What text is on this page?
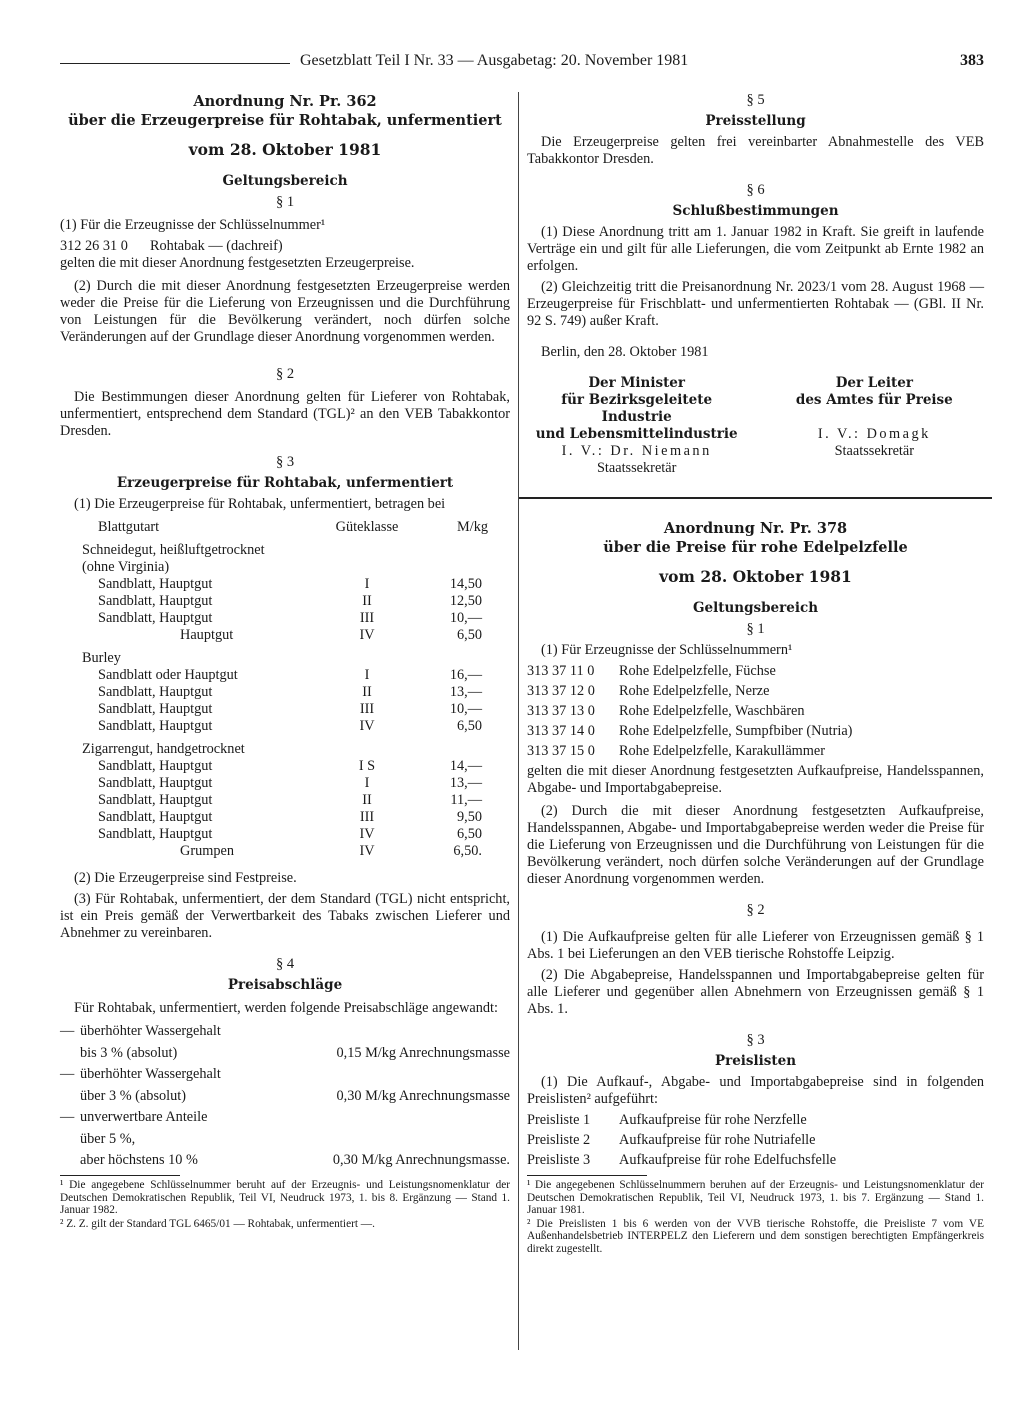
Gesetzblatt Teil I Nr. 33 — Ausgabetag: 20. November 1981	383
Anordnung Nr. Pr. 362
über die Erzeugerpreise für Rohtabak, unfermentiert
vom 28. Oktober 1981
Geltungsbereich

§ 1

(1) Für die Erzeugnisse der Schlüsselnummer¹

312 26 31 0	Rohtabak — (dachreif)

gelten die mit dieser Anordnung festgesetzten Erzeugerpreise.

(2) Durch die mit dieser Anordnung festgesetzten Erzeugerpreise werden weder die Preise für die Lieferung von Erzeugnissen und die Durchführung von Leistungen für die Bevölkerung verändert, noch dürfen solche Veränderungen auf der Grundlage dieser Anordnung vorgenommen werden.

§ 2

Die Bestimmungen dieser Anordnung gelten für Lieferer von Rohtabak, unfermentiert, entsprechend dem Standard (TGL)² an den VEB Tabakkontor Dresden.

§ 3

Erzeugerpreise für Rohtabak, unfermentiert

(1) Die Erzeugerpreise für Rohtabak, unfermentiert, betragen bei

Blattgutart	Güteklasse	M/kg

Schneidegut, heißluftgetrocknet		
(ohne Virginia)		
Sandblatt, Hauptgut	I	14,50
Sandblatt, Hauptgut	II	12,50
Sandblatt, Hauptgut	III	10,—
Hauptgut	IV	6,50

Burley		
Sandblatt oder Hauptgut	I	16,—
Sandblatt, Hauptgut	II	13,—
Sandblatt, Hauptgut	III	10,—
Sandblatt, Hauptgut	IV	6,50

Zigarrengut, handgetrocknet		
Sandblatt, Hauptgut	I S	14,—
Sandblatt, Hauptgut	I	13,—
Sandblatt, Hauptgut	II	11,—
Sandblatt, Hauptgut	III	9,50
Sandblatt, Hauptgut	IV	6,50
Grumpen	IV	6,50.

(2) Die Erzeugerpreise sind Festpreise.

(3) Für Rohtabak, unfermentiert, der dem Standard (TGL) nicht entspricht, ist ein Preis gemäß der Verwertbarkeit des Tabaks zwischen Lieferer und Abnehmer zu vereinbaren.

§ 4

Preisabschläge

Für Rohtabak, unfermentiert, werden folgende Preisabschläge angewandt:

— überhöhter Wassergehalt
bis 3 % (absolut)	0,15 M/kg Anrechnungsmasse
— überhöhter Wassergehalt
über 3 % (absolut)	0,30 M/kg Anrechnungsmasse
— unverwertbare Anteile
über 5 %,
aber höchstens 10 %	0,30 M/kg Anrechnungsmasse.

¹ Die angegebene Schlüsselnummer beruht auf der Erzeugnis- und Leistungsnomenklatur der Deutschen Demokratischen Republik, Teil VI, Neudruck 1973, 1. bis 8. Ergänzung — Stand 1. Januar 1982.

² Z. Z. gilt der Standard TGL 6465/01 — Rohtabak, unfermentiert —.

§ 5

Preisstellung

Die Erzeugerpreise gelten frei vereinbarter Abnahmestelle des VEB Tabakkontor Dresden.

§ 6

Schlußbestimmungen

(1) Diese Anordnung tritt am 1. Januar 1982 in Kraft. Sie greift in laufende Verträge ein und gilt für alle Lieferungen, die vom Zeitpunkt ab Ernte 1982 an erfolgen.

(2) Gleichzeitig tritt die Preisanordnung Nr. 2023/1 vom 28. August 1968 — Erzeugerpreise für Frischblatt- und unfermentierten Rohtabak — (GBl. II Nr. 92 S. 749) außer Kraft.

Berlin, den 28. Oktober 1981

Der Minister
für Bezirksgeleitete Industrie
und Lebensmittelindustrie
I. V.: Dr. Niemann
Staatssekretär
Der Leiter
des Amtes für Preise
I. V.: Domagk
Staatssekretär
Anordnung Nr. Pr. 378
über die Preise für rohe Edelpelzfelle
vom 28. Oktober 1981
Geltungsbereich

§ 1

(1) Für Erzeugnisse der Schlüsselnummern¹

313 37 11 0	Rohe Edelpelzfelle, Füchse
313 37 12 0	Rohe Edelpelzfelle, Nerze
313 37 13 0	Rohe Edelpelzfelle, Waschbären
313 37 14 0	Rohe Edelpelzfelle, Sumpfbiber (Nutria)
313 37 15 0	Rohe Edelpelzfelle, Karakullämmer

gelten die mit dieser Anordnung festgesetzten Aufkaufpreise, Handelsspannen, Abgabe- und Importabgabepreise.

(2) Durch die mit dieser Anordnung festgesetzten Aufkaufpreise, Handelsspannen, Abgabe- und Importabgabepreise werden weder die Preise für die Lieferung von Erzeugnissen und die Durchführung von Leistungen für die Bevölkerung verändert, noch dürfen solche Veränderungen auf der Grundlage dieser Anordnung vorgenommen werden.

§ 2

(1) Die Aufkaufpreise gelten für alle Lieferer von Erzeugnissen gemäß § 1 Abs. 1 bei Lieferungen an den VEB tierische Rohstoffe Leipzig.

(2) Die Abgabepreise, Handelsspannen und Importabgabepreise gelten für alle Lieferer und gegenüber allen Abnehmern von Erzeugnissen gemäß § 1 Abs. 1.

§ 3

Preislisten

(1) Die Aufkauf-, Abgabe- und Importabgabepreise sind in folgenden Preislisten² aufgeführt:

Preisliste 1	Aufkaufpreise für rohe Nerzfelle
Preisliste 2	Aufkaufpreise für rohe Nutriafelle
Preisliste 3	Aufkaufpreise für rohe Edelfuchsfelle

¹ Die angegebenen Schlüsselnummern beruhen auf der Erzeugnis- und Leistungsnomenklatur der Deutschen Demokratischen Republik, Teil VI, Neudruck 1973, 1. bis 7. Ergänzung — Stand 1. Januar 1981.

² Die Preislisten 1 bis 6 werden von der VVB tierische Rohstoffe, die Preisliste 7 vom VE Außenhandelsbetrieb INTERPELZ den Lieferern und dem sonstigen berechtigten Empfängerkreis direkt zugestellt.
